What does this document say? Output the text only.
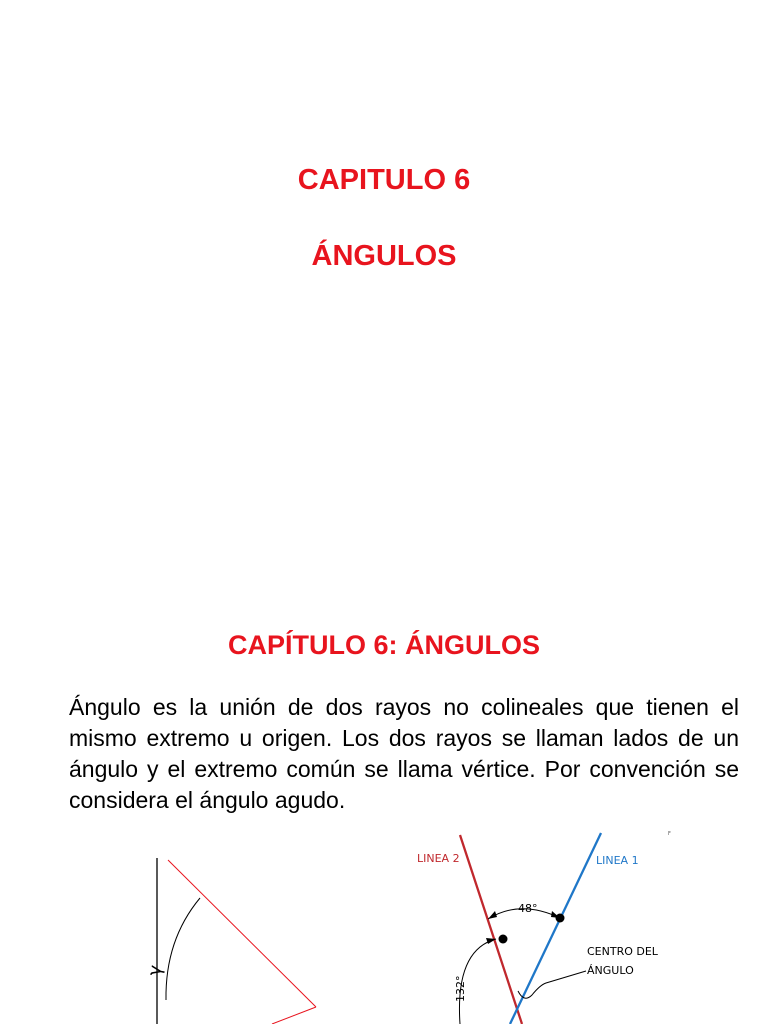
CAPITULO 6
ÁNGULOS
CAPÍTULO 6: ÁNGULOS
Ángulo es la unión de dos rayos no colineales que tienen el mismo extremo u origen. Los dos rayos se llaman lados de un ángulo y el extremo común se llama vértice. Por convención se considera el ángulo agudo.
γ
LINEA 2	LINEA 1
F
48°
132°
CENTRO DEL
ÁNGULO
